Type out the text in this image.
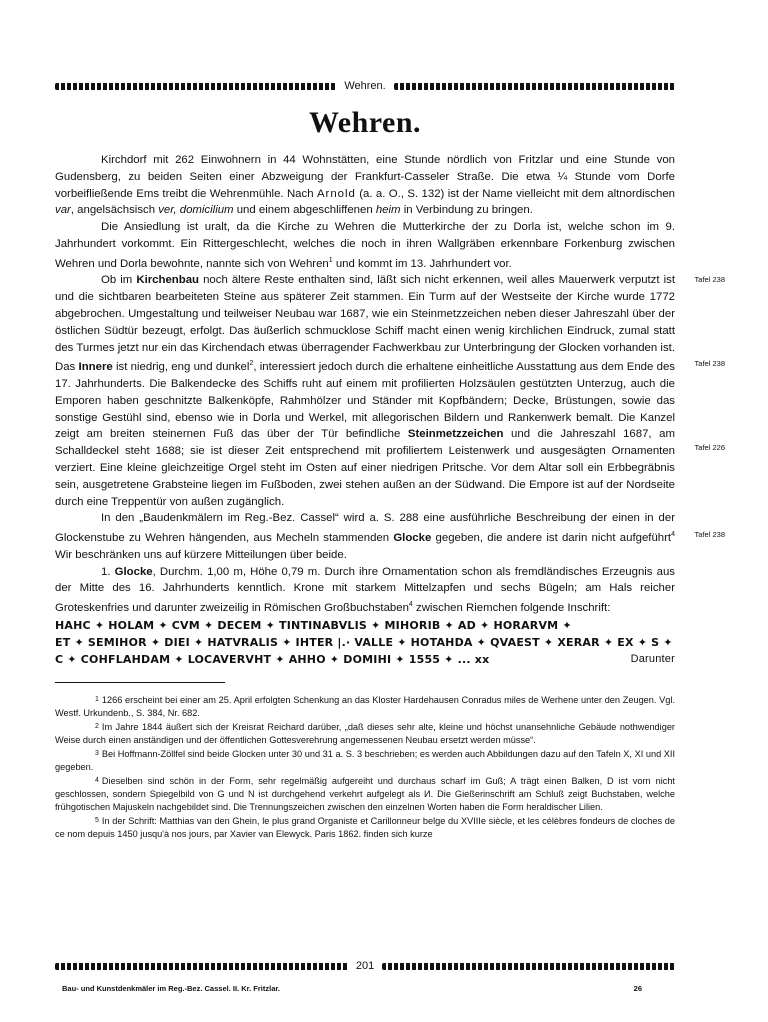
Wehren.
Wehren.

Kirchdorf mit 262 Einwohnern in 44 Wohnstätten, eine Stunde nördlich von Fritzlar und eine Stunde von Gudensberg, zu beiden Seiten einer Abzweigung der Frankfurt-Casseler Straße. Die etwa ¼ Stunde vom Dorfe vorbeifließende Ems treibt die Wehrenmühle. Nach Arnold (a. a. O., S. 132) ist der Name vielleicht mit dem altnordischen var, angelsächsisch ver, domicilium und einem abgeschliffenen heim in Verbindung zu bringen.

Die Ansiedlung ist uralt, da die Kirche zu Wehren die Mutterkirche der zu Dorla ist, welche schon im 9. Jahrhundert vorkommt. Ein Rittergeschlecht, welches die noch in ihren Wallgräben erkennbare Forkenburg zwischen Wehren und Dorla bewohnte, nannte sich von Wehren$^1$ und kommt im 13. Jahrhundert vor.

Tafel 238
Tafel 238
Tafel 226
Ob im Kirchenbau noch ältere Reste enthalten sind, läßt sich nicht erkennen, weil alles Mauerwerk verputzt ist und die sichtbaren bearbeiteten Steine aus späterer Zeit stammen. Ein Turm auf der Westseite der Kirche wurde 1772 abgebrochen. Umgestaltung und teilweiser Neubau war 1687, wie ein Steinmetzzeichen neben dieser Jahreszahl über der östlichen Südtür bezeugt, erfolgt. Das äußerlich schmucklose Schiff macht einen wenig kirchlichen Eindruck, zumal statt des Turmes jetzt nur ein das Kirchendach etwas überragender Fachwerkbau zur Unterbringung der Glocken vorhanden ist. Das Innere ist niedrig, eng und dunkel$^2$, interessiert jedoch durch die erhaltene einheitliche Ausstattung aus dem Ende des 17. Jahrhunderts. Die Balkendecke des Schiffs ruht auf einem mit profilierten Holzsäulen gestützten Unterzug, auch die Emporen haben geschnitzte Balkenköpfe, Rahmhölzer und Ständer mit Kopfbändern; Decke, Brüstungen, sowie das sonstige Gestühl sind, ebenso wie in Dorla und Werkel, mit allegorischen Bildern und Rankenwerk bemalt. Die Kanzel zeigt am breiten steinernen Fuß das über der Tür befindliche Steinmetzzeichen und die Jahreszahl 1687, am Schalldeckel steht 1688; sie ist dieser Zeit entsprechend mit profiliertem Leistenwerk und ausgesägten Ornamenten verziert. Eine kleine gleichzeitige Orgel steht im Osten auf einer niedrigen Pritsche. Vor dem Altar soll ein Erbbegräbnis sein, ausgetretene Grabsteine liegen im Fußboden, zwei stehen außen an der Südwand. Die Empore ist auf der Nordseite durch eine Treppentür von außen zugänglich.

Tafel 238
In den „Baudenkmälern im Reg.-Bez. Cassel“ wird a. S. 288 eine ausführliche Beschreibung der einen in der Glockenstube zu Wehren hängenden, aus Mecheln stammenden Glocke gegeben, die andere ist darin nicht aufgeführt$^4$ Wir beschränken uns auf kürzere Mitteilungen über beide.

1. Glocke, Durchm. 1,00 m, Höhe 0,79 m. Durch ihre Ornamentation schon als fremdländisches Erzeugnis aus der Mitte des 16. Jahrhunderts kenntlich. Krone mit starkem Mittelzapfen und sechs Bügeln; am Hals reicher Groteskenfries und darunter zweizeilig in Römischen Großbuchstaben$^4$ zwischen Riemchen folgende Inschrift:

HAHC ✦ HOLAM ✦ CVM ✦ DECEM ✦ TINTINABVLIS ✦ MIHORIB ✦ AD ✦ HORARVM ✦
ET ✦ SEMIHOR ✦ DIEI ✦ HATVRALIS ✦ IHTER |.· VALLE ✦ HOTAHDA ✦ QVAEST ✦ XERAR ✦ EX ✦ S ✦
C ✦ COHFLAHDAM ✦ LOCAVERVHT ✦ AHHO ✦ DOMIHI ✦ 1555 ✦ ... xx	Darunter

$^1$ 1266 erscheint bei einer am 25. April erfolgten Schenkung an das Kloster Hardehausen Conradus miles de Werhene unter den Zeugen. Vgl. Westf. Urkundenb., S. 384, Nr. 682.

$^2$ Im Jahre 1844 äußert sich der Kreisrat Reichard darüber, „daß dieses sehr alte, kleine und höchst unansehnliche Gebäude nothwendiger Weise durch einen anständigen und der öffentlichen Gottesverehrung angemessenen Neubau ersetzt werden müsse“.

$^3$ Bei Hoffmann-Zöllfel sind beide Glocken unter 30 und 31 a. S. 3 beschrieben; es werden auch Abbildungen dazu auf den Tafeln X, XI und XII gegeben.

$^4$ Dieselben sind schön in der Form, sehr regelmäßig aufgereiht und durchaus scharf im Guß; A trägt einen Balken, D ist vorn nicht geschlossen, sondern Spiegelbild von G und N ist durchgehend verkehrt aufgelegt als И. Die Gießerinschrift am Schluß zeigt Buchstaben, welche frühgotischen Majuskeln nachgebildet sind. Die Trennungszeichen zwischen den einzelnen Worten haben die Form heraldischer Lilien.

$^5$ In der Schrift: Matthias van den Ghein, le plus grand Organiste et Carillonneur belge du XVIIIe siècle, et les célèbres fondeurs de cloches de ce nom depuis 1450 jusqu'à nos jours, par Xavier van Elewyck. Paris 1862. finden sich kurze

201
Bau- und Kunstdenkmäler im Reg.-Bez. Cassel. II. Kr. Fritzlar.	26
